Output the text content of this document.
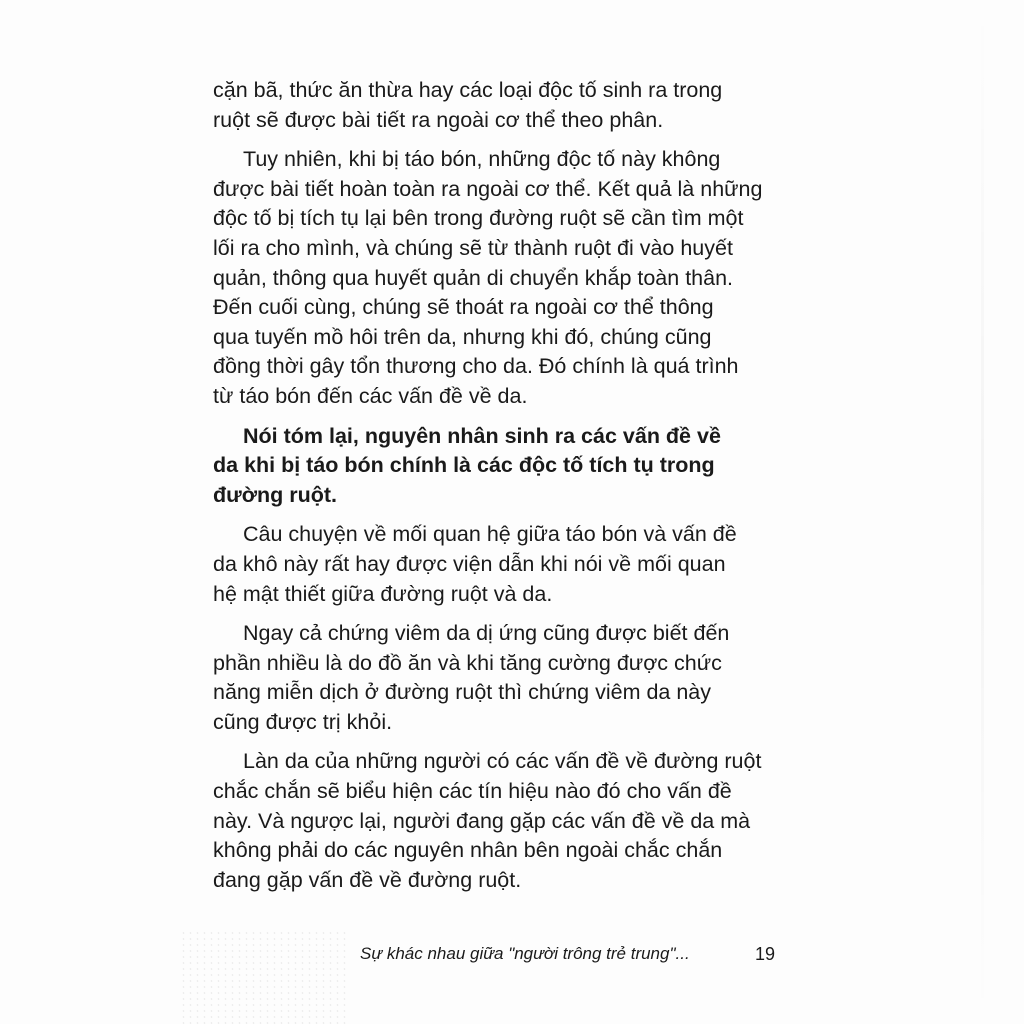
cặn bã, thức ăn thừa hay các loại độc tố sinh ra trong
ruột sẽ được bài tiết ra ngoài cơ thể theo phân.

Tuy nhiên, khi bị táo bón, những độc tố này không
được bài tiết hoàn toàn ra ngoài cơ thể. Kết quả là những
độc tố bị tích tụ lại bên trong đường ruột sẽ cần tìm một
lối ra cho mình, và chúng sẽ từ thành ruột đi vào huyết
quản, thông qua huyết quản di chuyển khắp toàn thân.
Đến cuối cùng, chúng sẽ thoát ra ngoài cơ thể thông
qua tuyến mồ hôi trên da, nhưng khi đó, chúng cũng
đồng thời gây tổn thương cho da. Đó chính là quá trình
từ táo bón đến các vấn đề về da.

Nói tóm lại, nguyên nhân sinh ra các vấn đề về
da khi bị táo bón chính là các độc tố tích tụ trong
đường ruột.

Câu chuyện về mối quan hệ giữa táo bón và vấn đề
da khô này rất hay được viện dẫn khi nói về mối quan
hệ mật thiết giữa đường ruột và da.

Ngay cả chứng viêm da dị ứng cũng được biết đến
phần nhiều là do đồ ăn và khi tăng cường được chức
năng miễn dịch ở đường ruột thì chứng viêm da này
cũng được trị khỏi.

Làn da của những người có các vấn đề về đường ruột
chắc chắn sẽ biểu hiện các tín hiệu nào đó cho vấn đề
này. Và ngược lại, người đang gặp các vấn đề về da mà
không phải do các nguyên nhân bên ngoài chắc chắn
đang gặp vấn đề về đường ruột.

Sự khác nhau giữa "người trông trẻ trung"...	19
